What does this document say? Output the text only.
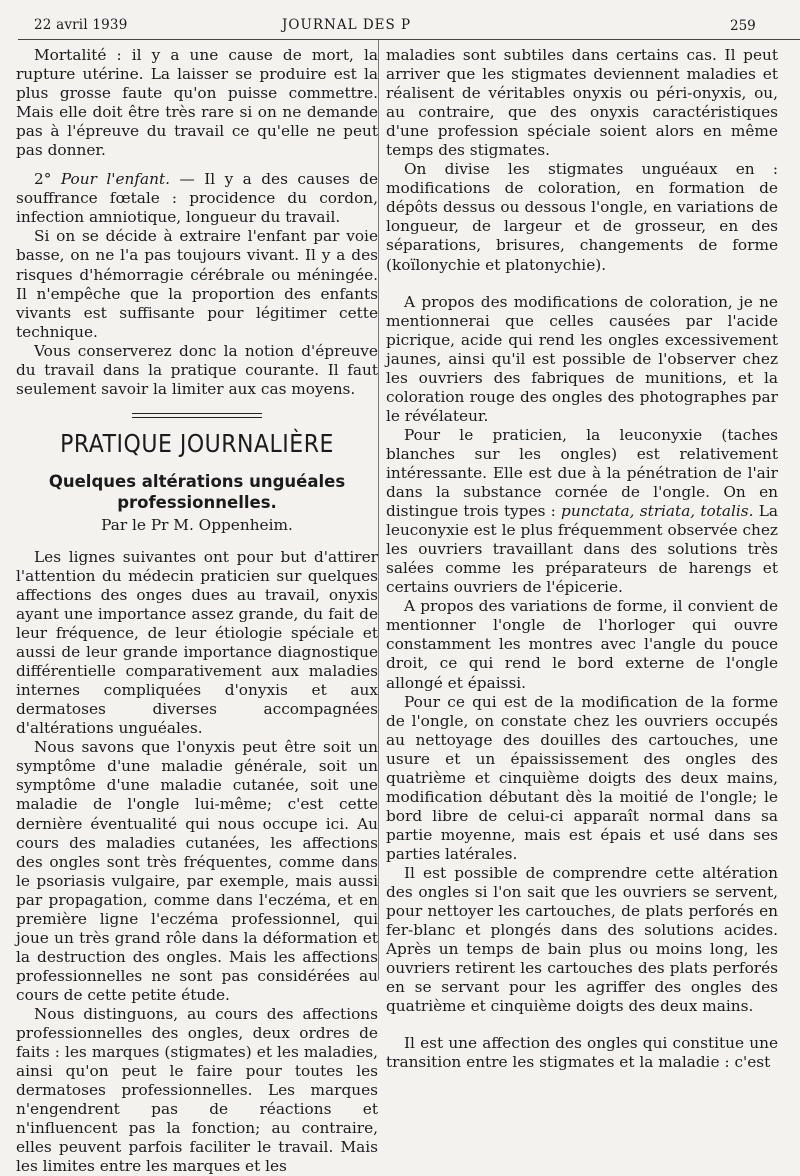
22 avril 1939	JOURNAL DES P	259

Mortalité : il y a une cause de mort, la rupture utérine. La laisser se produire est la plus grosse faute qu'on puisse commettre. Mais elle doit être très rare si on ne demande pas à l'épreuve du travail ce qu'elle ne peut pas donner.

2° Pour l'enfant. — Il y a des causes de souffrance fœtale : procidence du cordon, infection amniotique, longueur du travail.

Si on se décide à extraire l'enfant par voie basse, on ne l'a pas toujours vivant. Il y a des risques d'hémorragie cérébrale ou méningée. Il n'empêche que la proportion des enfants vivants est suffisante pour légitimer cette technique.

Vous conserverez donc la notion d'épreuve du travail dans la pratique courante. Il faut seulement savoir la limiter aux cas moyens.

PRATIQUE JOURNALIÈRE
Quelques altérations unguéales professionnelles.
Par le Pr M. Oppenheim.

Les lignes suivantes ont pour but d'attirer l'attention du médecin praticien sur quelques affections des onges dues au travail, onyxis ayant une importance assez grande, du fait de leur fréquence, de leur étiologie spéciale et aussi de leur grande importance diagnostique différentielle comparativement aux maladies internes compliquées d'onyxis et aux dermatoses diverses accompagnées d'altérations unguéales.

Nous savons que l'onyxis peut être soit un symptôme d'une maladie générale, soit un symptôme d'une maladie cutanée, soit une maladie de l'ongle lui-même; c'est cette dernière éventualité qui nous occupe ici. Au cours des maladies cutanées, les affections des ongles sont très fréquentes, comme dans le psoriasis vulgaire, par exemple, mais aussi par propagation, comme dans l'eczéma, et en première ligne l'eczéma professionnel, qui joue un très grand rôle dans la déformation et la destruction des ongles. Mais les affections professionnelles ne sont pas considérées au cours de cette petite étude.

Nous distinguons, au cours des affections professionnelles des ongles, deux ordres de faits : les marques (stigmates) et les maladies, ainsi qu'on peut le faire pour toutes les dermatoses professionnelles. Les marques n'engendrent pas de réactions et n'influencent pas la fonction; au contraire, elles peuvent parfois faciliter le travail. Mais les limites entre les marques et les

maladies sont subtiles dans certains cas. Il peut arriver que les stigmates deviennent maladies et réalisent de véritables onyxis ou péri-onyxis, ou, au contraire, que des onyxis caractéristiques d'une profession spéciale soient alors en même temps des stigmates.

On divise les stigmates unguéaux en : modifications de coloration, en formation de dépôts dessus ou dessous l'ongle, en variations de longueur, de largeur et de grosseur, en des séparations, brisures, changements de forme (koïlonychie et platonychie).

A propos des modifications de coloration, je ne mentionnerai que celles causées par l'acide picrique, acide qui rend les ongles excessivement jaunes, ainsi qu'il est possible de l'observer chez les ouvriers des fabriques de munitions, et la coloration rouge des ongles des photographes par le révélateur.

Pour le praticien, la leuconyxie (taches blanches sur les ongles) est relativement intéressante. Elle est due à la pénétration de l'air dans la substance cornée de l'ongle. On en distingue trois types : punctata, striata, totalis. La leuconyxie est le plus fréquemment observée chez les ouvriers travaillant dans des solutions très salées comme les préparateurs de harengs et certains ouvriers de l'épicerie.

A propos des variations de forme, il convient de mentionner l'ongle de l'horloger qui ouvre constamment les montres avec l'angle du pouce droit, ce qui rend le bord externe de l'ongle allongé et épaissi.

Pour ce qui est de la modification de la forme de l'ongle, on constate chez les ouvriers occupés au nettoyage des douilles des cartouches, une usure et un épaississement des ongles des quatrième et cinquième doigts des deux mains, modification débutant dès la moitié de l'ongle; le bord libre de celui-ci apparaît normal dans sa partie moyenne, mais est épais et usé dans ses parties latérales.

Il est possible de comprendre cette altération des ongles si l'on sait que les ouvriers se servent, pour nettoyer les cartouches, de plats perforés en fer-blanc et plongés dans des solutions acides. Après un temps de bain plus ou moins long, les ouvriers retirent les cartouches des plats perforés en se servant pour les agriffer des ongles des quatrième et cinquième doigts des deux mains.

Il est une affection des ongles qui constitue une transition entre les stigmates et la maladie : c'est
